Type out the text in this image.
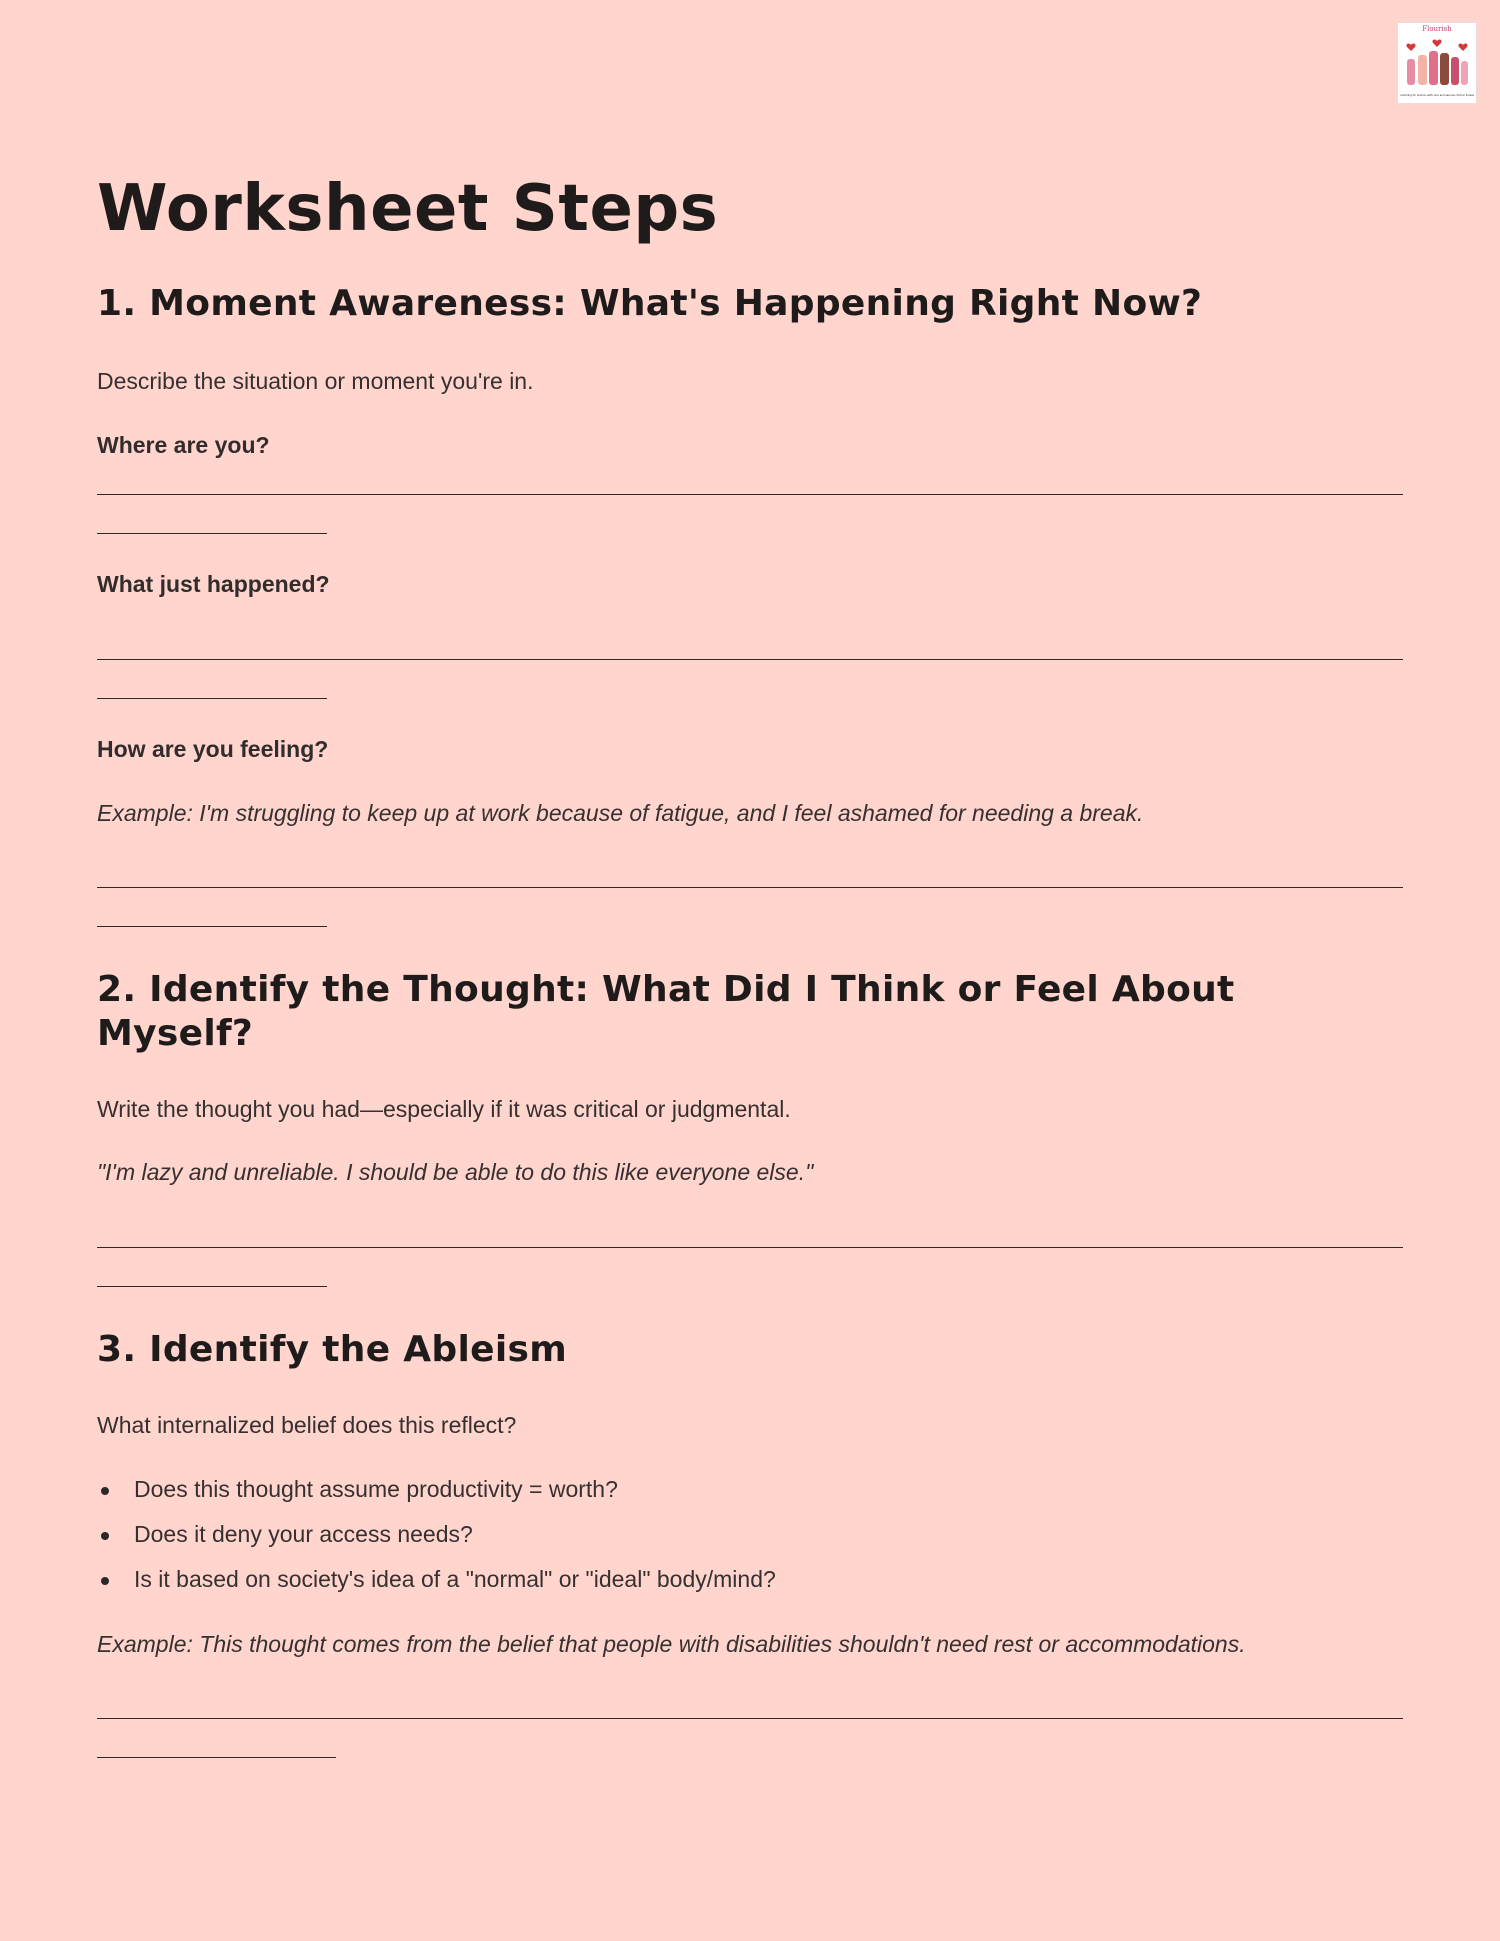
Flourish
coaching for women with rare and serious chronic illness
Worksheet Steps
1. Moment Awareness: What's Happening Right Now?

Describe the situation or moment you're in.

Where are you?

What just happened?

How are you feeling?

Example: I'm struggling to keep up at work because of fatigue, and I feel ashamed for needing a break.

2. Identify the Thought: What Did I Think or Feel About Myself?

Write the thought you had—especially if it was critical or judgmental.

"I'm lazy and unreliable. I should be able to do this like everyone else."

3. Identify the Ableism

What internalized belief does this reflect?

Does this thought assume productivity = worth?
Does it deny your access needs?
Is it based on society's idea of a "normal" or "ideal" body/mind?

Example: This thought comes from the belief that people with disabilities shouldn't need rest or accommodations.
